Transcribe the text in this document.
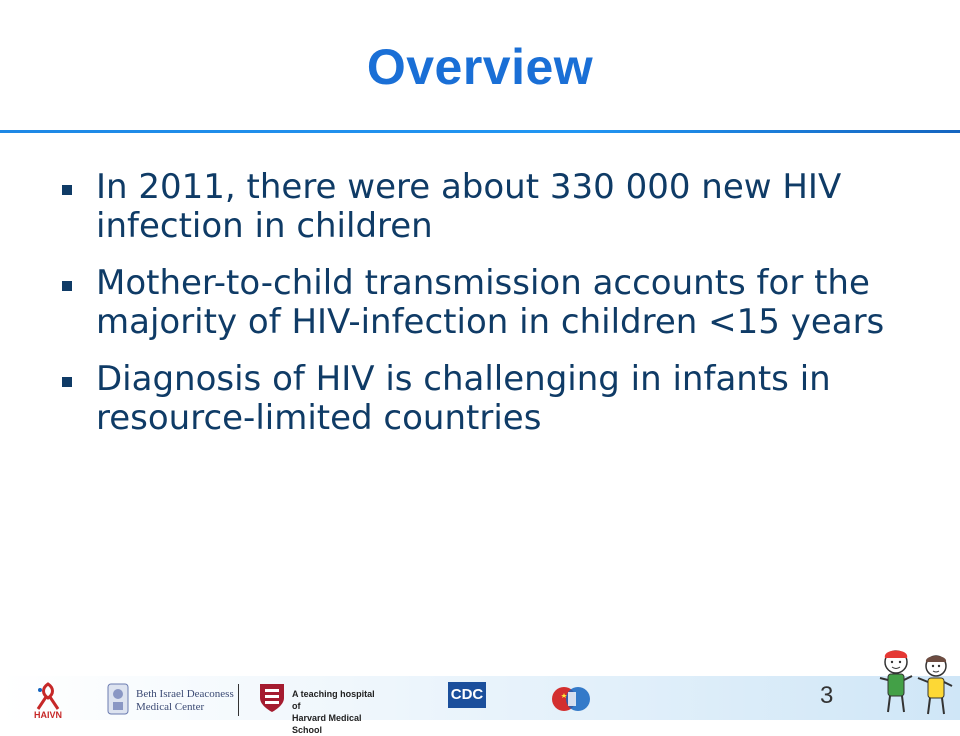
Overview
In 2011, there were about 330 000 new HIV infection in children
Mother-to-child transmission accounts for the majority of HIV-infection in children <15 years
Diagnosis of HIV is challenging in infants in resource-limited countries
HAIVN
Beth Israel Deaconess
Medical Center
A teaching hospital of
Harvard Medical School
CDC	3
